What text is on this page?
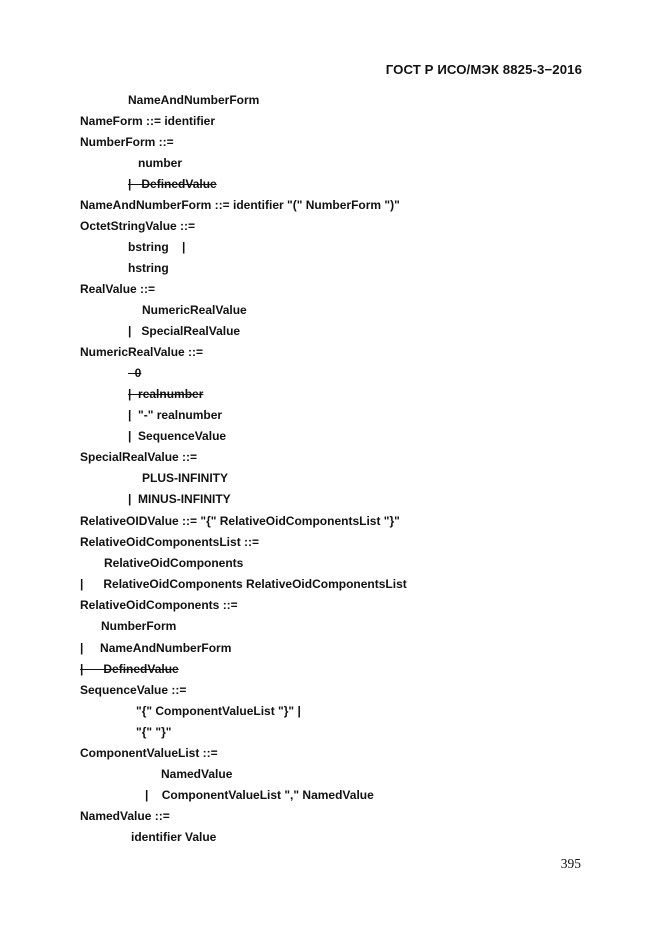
ГОСТ Р ИСО/МЭК 8825-3−2016
NameAndNumberForm
NameForm ::= identifier
NumberForm ::=
number
|   DefinedValue
NameAndNumberForm ::= identifier "(" NumberForm ")"
OctetStringValue ::=
bstring    |
hstring
RealValue ::=
NumericRealValue
|   SpecialRealValue
NumericRealValue ::=
0
|  realnumber
|  "-" realnumber
|  SequenceValue
SpecialRealValue ::=
PLUS-INFINITY
|  MINUS-INFINITY
RelativeOIDValue ::= "{" RelativeOidComponentsList "}"
RelativeOidComponentsList ::=
RelativeOidComponents
|      RelativeOidComponents RelativeOidComponentsList
RelativeOidComponents ::=
NumberForm
|     NameAndNumberForm
|      DefinedValue
SequenceValue ::=
"{" ComponentValueList "}" |
"{" "}"
ComponentValueList ::=
NamedValue
|    ComponentValueList "," NamedValue
NamedValue ::=
identifier Value
395
